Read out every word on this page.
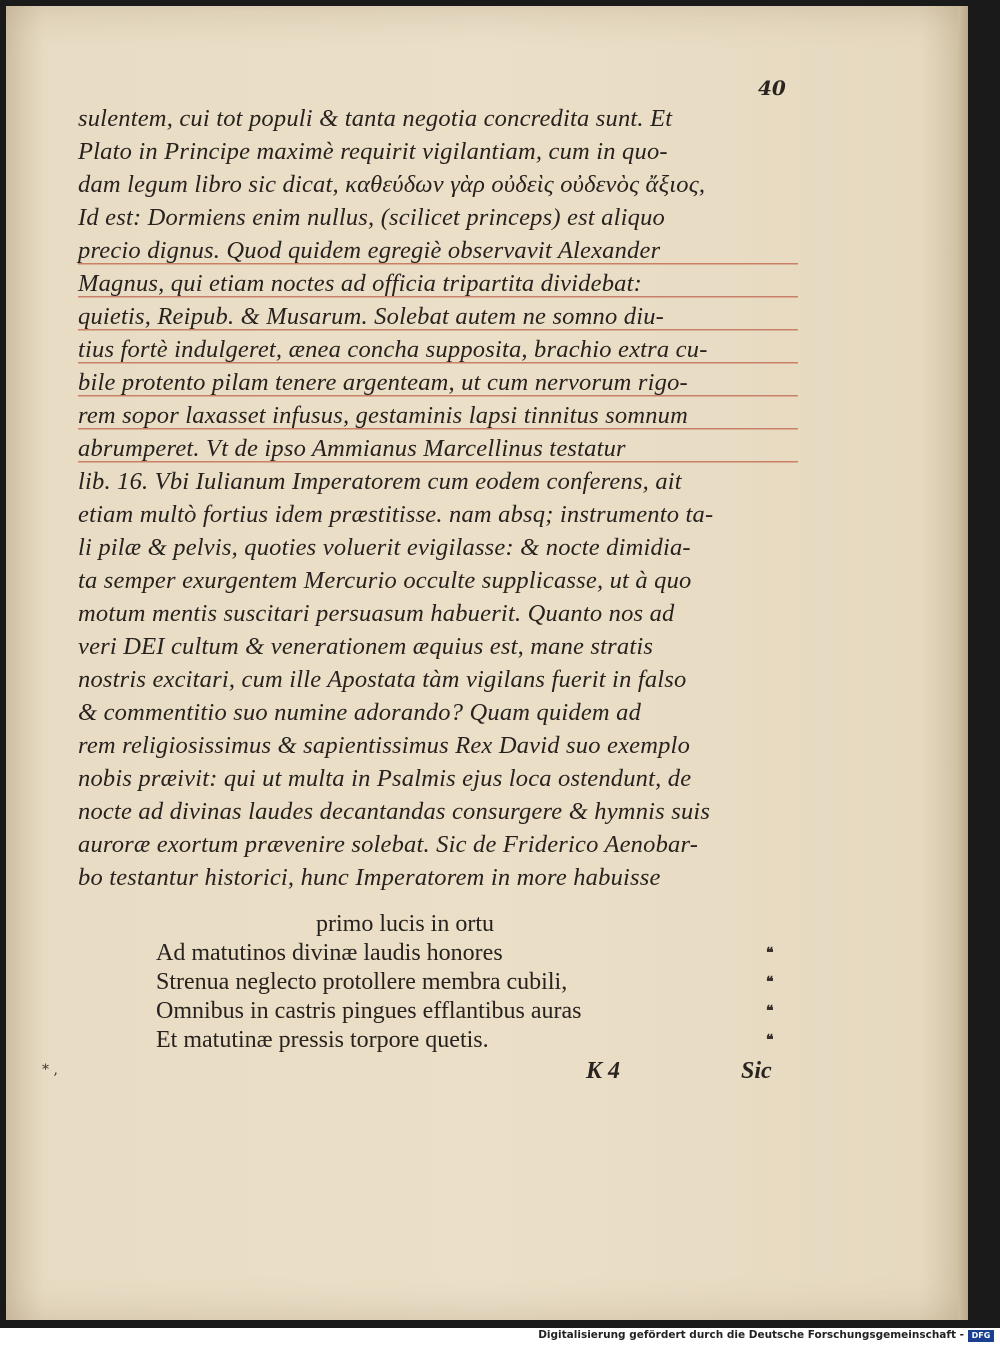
40
sulentem, cui tot populi & tanta negotia concredita sunt. Et
Plato in Principe maximè requirit vigilantiam, cum in quo-
dam legum libro sic dicat, καθεύδων γὰρ οὐδεὶς οὐδενὸς ἄξιος,
Id est: Dormiens enim nullus, (scilicet princeps) est aliquo
precio dignus. Quod quidem egregiè observavit Alexander
Magnus, qui etiam noctes ad officia tripartita dividebat:
quietis, Reipub. & Musarum. Solebat autem ne somno diu-
tius fortè indulgeret, ænea concha supposita, brachio extra cu-
bile protento pilam tenere argenteam, ut cum nervorum rigo-
rem sopor laxasset infusus, gestaminis lapsi tinnitus somnum
abrumperet. Vt de ipso Ammianus Marcellinus testatur
lib. 16. Vbi Iulianum Imperatorem cum eodem conferens, ait
etiam multò fortius idem præstitisse. nam absq; instrumento ta-
li pilæ & pelvis, quoties voluerit evigilasse: & nocte dimidia-
ta semper exurgentem Mercurio occulte supplicasse, ut à quo
motum mentis suscitari persuasum habuerit. Quanto nos ad
veri DEI cultum & venerationem æquius est, mane stratis
nostris excitari, cum ille Apostata tàm vigilans fuerit in falso
& commentitio suo numine adorando? Quam quidem ad
rem religiosissimus & sapientissimus Rex David suo exemplo
nobis præivit: qui ut multa in Psalmis ejus loca ostendunt, de
nocte ad divinas laudes decantandas consurgere & hymnis suis
auroræ exortum prævenire solebat. Sic de Friderico Aenobar-
bo testantur historici, hunc Imperatorem in more habuisse
primo lucis in ortu
Ad matutinos divinæ laudis honores	❝
Strenua neglecto protollere membra cubili,	❝
Omnibus in castris pingues efflantibus auras	❝
Et matutinæ pressis torpore quetis.	❝
* ,	K 4	Sic
Digitalisierung gefördert durch die Deutsche Forschungsgemeinschaft - DFG
